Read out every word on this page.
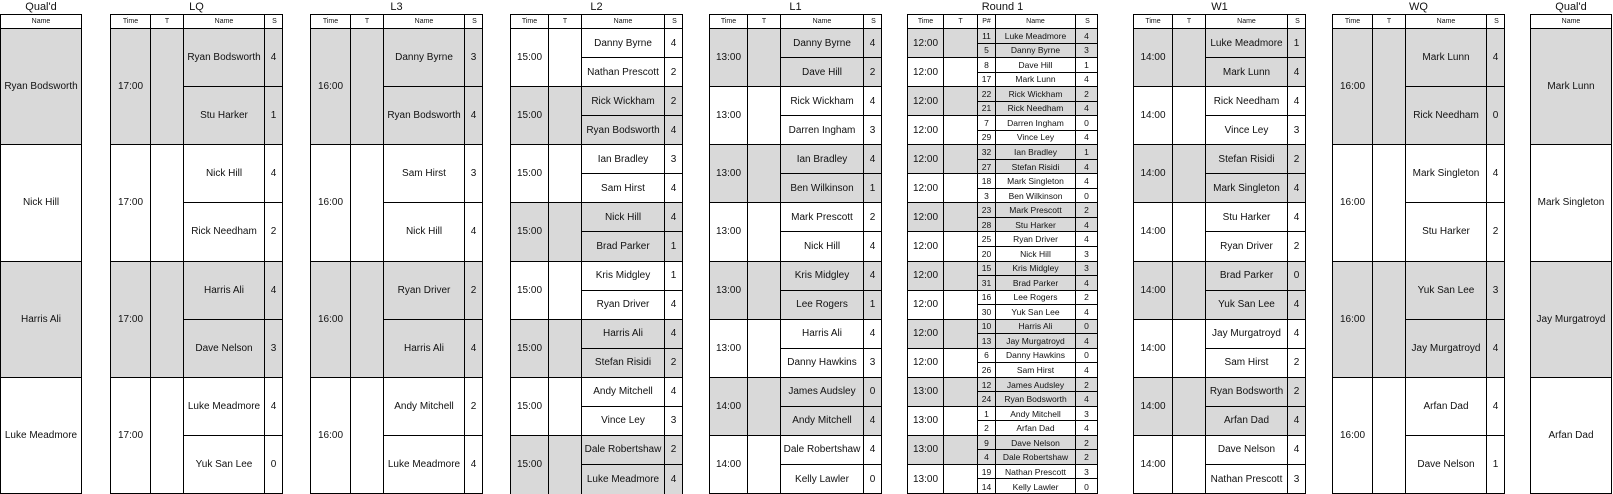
Qual'd
Name
Ryan Bodsworth
Nick Hill
Harris Ali
Luke Meadmore
LQ
Time	T	Name	S
17:00
Ryan Bodsworth	4
Stu Harker	1
17:00
Nick Hill	4
Rick Needham	2
17:00
Harris Ali	4
Dave Nelson	3
17:00
Luke Meadmore	4
Yuk San Lee	0
L3
Time	T	Name	S
16:00
Danny Byrne	3
Ryan Bodsworth	4
16:00
Sam Hirst	3
Nick Hill	4
16:00
Ryan Driver	2
Harris Ali	4
16:00
Andy Mitchell	2
Luke Meadmore	4
L2
Time	T	Name	S
15:00
Danny Byrne	4
Nathan Prescott	2
15:00
Rick Wickham	2
Ryan Bodsworth	4
15:00
Ian Bradley	3
Sam Hirst	4
15:00
Nick Hill	4
Brad Parker	1
15:00
Kris Midgley	1
Ryan Driver	4
15:00
Harris Ali	4
Stefan Risidi	2
15:00
Andy Mitchell	4
Vince Ley	3
15:00
Dale Robertshaw 2
Luke Meadmore	4
L1
Time	T	Name	S
13:00
Danny Byrne	4
Dave Hill	2
13:00
Rick Wickham	4
Darren Ingham	3
13:00
Ian Bradley	4
Ben Wilkinson	1
13:00
Mark Prescott	2
Nick Hill	4
13:00
Kris Midgley	4
Lee Rogers	1
13:00
Harris Ali	4
Danny Hawkins	3
14:00
James Audsley	0
Andy Mitchell	4
14:00
Dale Robertshaw 4
Kelly Lawler	0
Round 1
Time	T	P#	Name	S
12:00
11	Luke Meadmore	4
5	Danny Byrne	3
12:00
8	Dave Hill	1
17	Mark Lunn	4
12:00
22	Rick Wickham	2
21	Rick Needham	4
12:00
7	Darren Ingham	0
29	Vince Ley	4
12:00
32	Ian Bradley	1
27	Stefan Risidi	4
12:00
18	Mark Singleton	4
3	Ben Wilkinson	0
12:00
23	Mark Prescott	2
28	Stu Harker	4
12:00
25	Ryan Driver	4
20	Nick Hill	3
12:00
15	Kris Midgley	3
31	Brad Parker	4
12:00
16	Lee Rogers	2
30	Yuk San Lee	4
12:00
10	Harris Ali	0
13	Jay Murgatroyd	4
12:00
6	Danny Hawkins	0
26	Sam Hirst	4
13:00
12	James Audsley	2
24	Ryan Bodsworth	4
13:00
1	Andy Mitchell	3
2	Arfan Dad	4
13:00
9	Dave Nelson	2
4	Dale Robertshaw	2
13:00
19	Nathan Prescott	3
14	Kelly Lawler	0
W1
Time	T	Name	S
14:00
Luke Meadmore	1
Mark Lunn	4
14:00
Rick Needham	4
Vince Ley	3
14:00
Stefan Risidi	2
Mark Singleton	4
14:00
Stu Harker	4
Ryan Driver	2
14:00
Brad Parker	0
Yuk San Lee	4
14:00
Jay Murgatroyd	4
Sam Hirst	2
14:00
Ryan Bodsworth	2
Arfan Dad	4
14:00
Dave Nelson	4
Nathan Prescott	3
WQ
Time	T	Name	S
16:00
Mark Lunn	4
Rick Needham	0
16:00
Mark Singleton	4
Stu Harker	2
16:00
Yuk San Lee	3
Jay Murgatroyd	4
16:00
Arfan Dad	4
Dave Nelson	1
Qual'd
Name
Mark Lunn
Mark Singleton
Jay Murgatroyd
Arfan Dad
